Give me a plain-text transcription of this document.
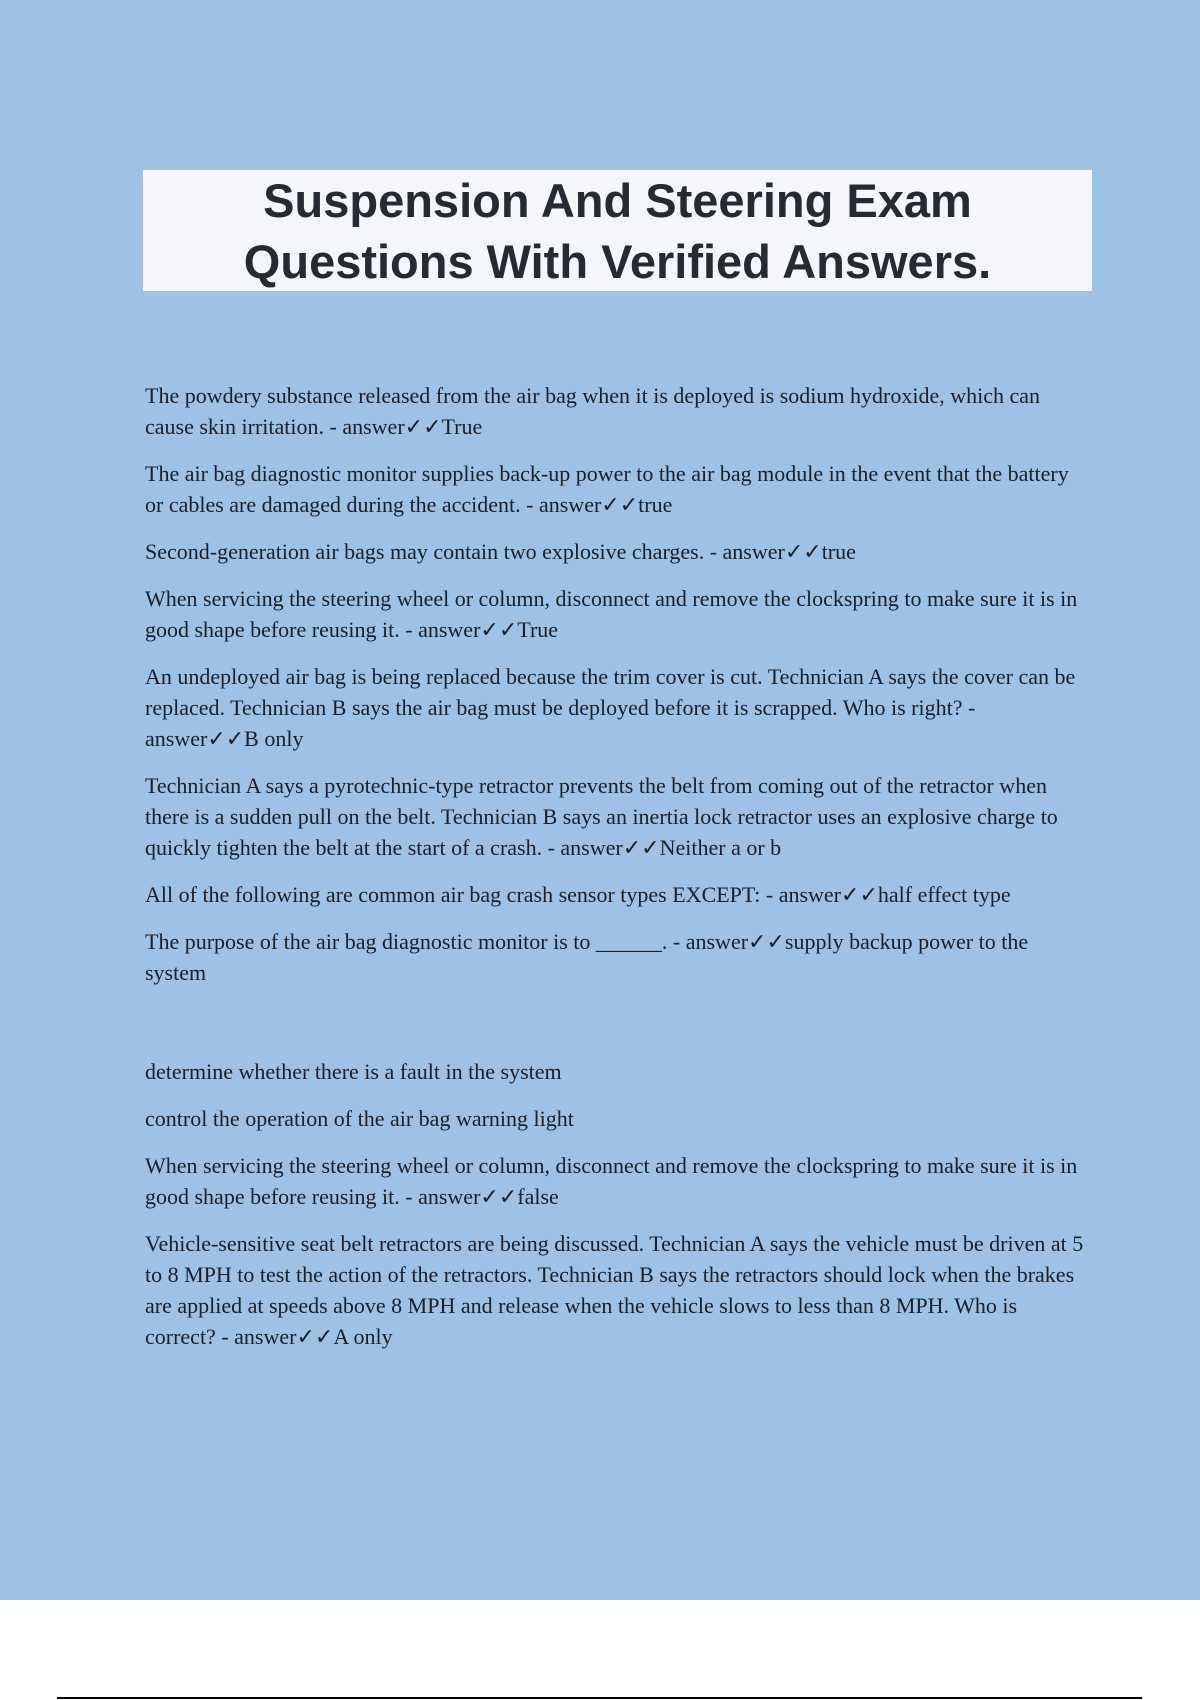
Suspension And Steering Exam Questions With Verified Answers.

The powdery substance released from the air bag when it is deployed is sodium hydroxide, which can cause skin irritation. - answer✓✓True

The air bag diagnostic monitor supplies back-up power to the air bag module in the event that the battery or cables are damaged during the accident. - answer✓✓true

Second-generation air bags may contain two explosive charges. - answer✓✓true

When servicing the steering wheel or column, disconnect and remove the clockspring to make sure it is in good shape before reusing it. - answer✓✓True

An undeployed air bag is being replaced because the trim cover is cut. Technician A says the cover can be replaced. Technician B says the air bag must be deployed before it is scrapped. Who is right? - answer✓✓B only

Technician A says a pyrotechnic-type retractor prevents the belt from coming out of the retractor when there is a sudden pull on the belt. Technician B says an inertia lock retractor uses an explosive charge to quickly tighten the belt at the start of a crash. - answer✓✓Neither a or b

All of the following are common air bag crash sensor types EXCEPT: - answer✓✓half effect type

The purpose of the air bag diagnostic monitor is to ______. - answer✓✓supply backup power to the system

determine whether there is a fault in the system

control the operation of the air bag warning light

When servicing the steering wheel or column, disconnect and remove the clockspring to make sure it is in good shape before reusing it. - answer✓✓false

Vehicle-sensitive seat belt retractors are being discussed. Technician A says the vehicle must be driven at 5 to 8 MPH to test the action of the retractors. Technician B says the retractors should lock when the brakes are applied at speeds above 8 MPH and release when the vehicle slows to less than 8 MPH. Who is correct? - answer✓✓A only
